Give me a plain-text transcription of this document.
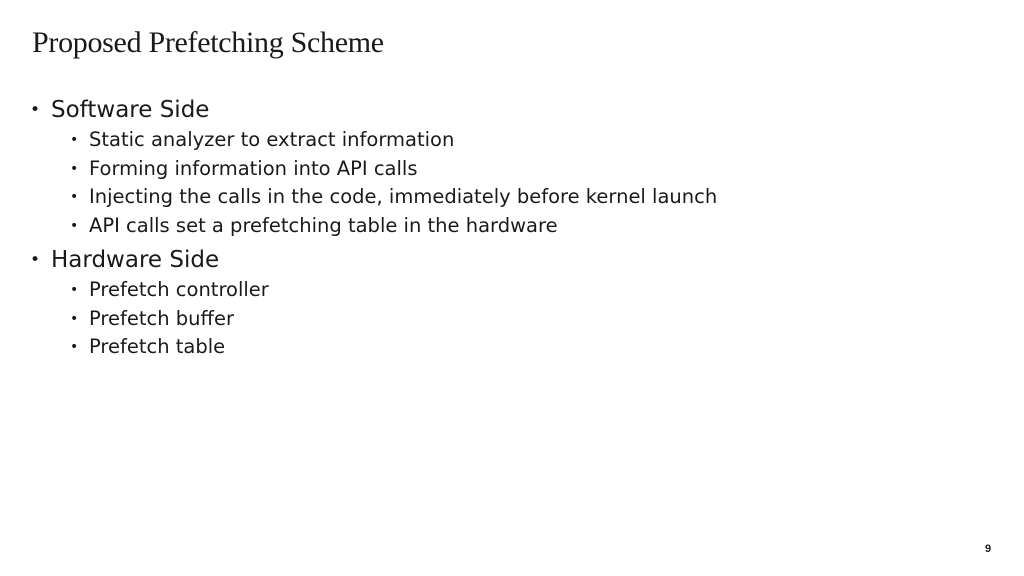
Proposed Prefetching Scheme
• Software Side
• Static analyzer to extract information
• Forming information into API calls
• Injecting the calls in the code, immediately before kernel launch
• API calls set a prefetching table in the hardware
• Hardware Side
• Prefetch controller
• Prefetch buffer
• Prefetch table
9
